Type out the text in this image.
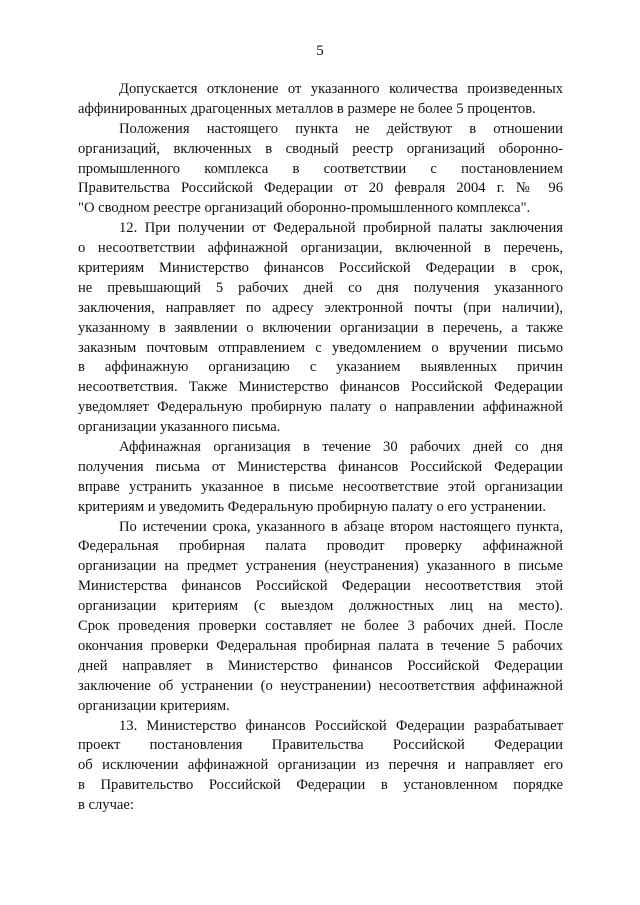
5
Допускается отклонение от указанного количества произведенных
аффинированных драгоценных металлов в размере не более 5 процентов.
Положения настоящего пункта не действуют в отношении
организаций, включенных в сводный реестр организаций оборонно-
промышленного комплекса в соответствии с постановлением
Правительства Российской Федерации от 20 февраля 2004 г. № 96
"О сводном реестре организаций оборонно-промышленного комплекса".
12. При получении от Федеральной пробирной палаты заключения
о несоответствии аффинажной организации, включенной в перечень,
критериям Министерство финансов Российской Федерации в срок,
не превышающий 5 рабочих дней со дня получения указанного
заключения, направляет по адресу электронной почты (при наличии),
указанному в заявлении о включении организации в перечень, а также
заказным почтовым отправлением с уведомлением о вручении письмо
в аффинажную организацию с указанием выявленных причин
несоответствия. Также Министерство финансов Российской Федерации
уведомляет Федеральную пробирную палату о направлении аффинажной
организации указанного письма.
Аффинажная организация в течение 30 рабочих дней со дня
получения письма от Министерства финансов Российской Федерации
вправе устранить указанное в письме несоответствие этой организации
критериям и уведомить Федеральную пробирную палату о его устранении.
По истечении срока, указанного в абзаце втором настоящего пункта,
Федеральная пробирная палата проводит проверку аффинажной
организации на предмет устранения (неустранения) указанного в письме
Министерства финансов Российской Федерации несоответствия этой
организации критериям (с выездом должностных лиц на место).
Срок проведения проверки составляет не более 3 рабочих дней. После
окончания проверки Федеральная пробирная палата в течение 5 рабочих
дней направляет в Министерство финансов Российской Федерации
заключение об устранении (о неустранении) несоответствия аффинажной
организации критериям.
13. Министерство финансов Российской Федерации разрабатывает
проект постановления Правительства Российской Федерации
об исключении аффинажной организации из перечня и направляет его
в Правительство Российской Федерации в установленном порядке
в случае:
